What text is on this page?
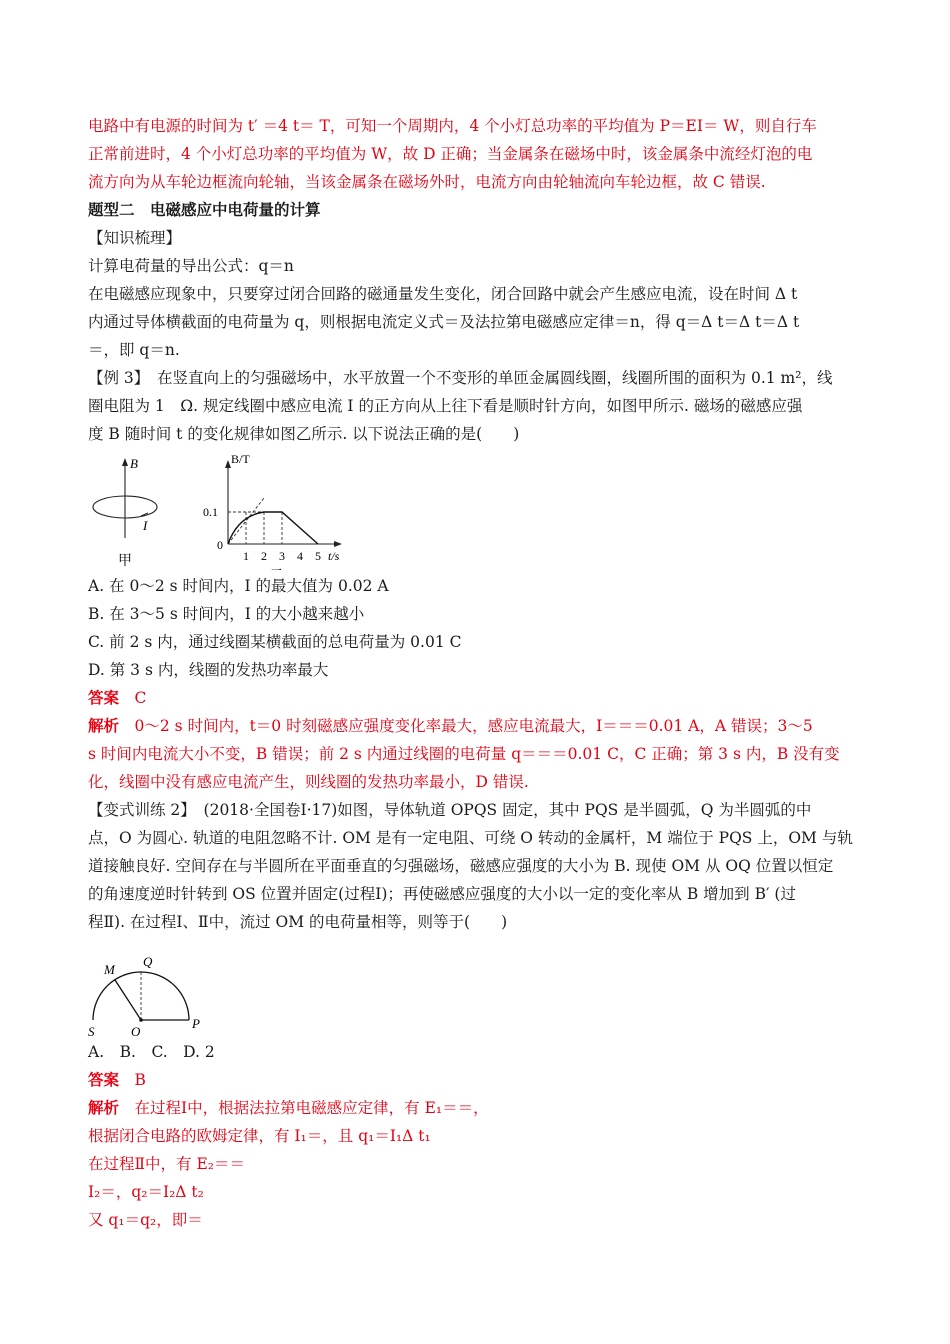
电路中有电源的时间为 t′ ＝4 t＝ T，可知一个周期内，4 个小灯总功率的平均值为 P＝EI＝ W，则自行车

正常前进时，4 个小灯总功率的平均值为 W，故 D 正确；当金属条在磁场中时，该金属条中流经灯泡的电

流方向为从车轮边框流向轮轴，当该金属条在磁场外时，电流方向由轮轴流向车轮边框，故 C 错误.

题型二　电磁感应中电荷量的计算

【知识梳理】

计算电荷量的导出公式：q＝n

在电磁感应现象中，只要穿过闭合回路的磁通量发生变化，闭合回路中就会产生感应电流，设在时间 Δ t

内通过导体横截面的电荷量为 q，则根据电流定义式＝及法拉第电磁感应定律＝n，得 q＝Δ t＝Δ t＝Δ t

＝，即 q＝n.

【例 3】　在竖直向上的匀强磁场中，水平放置一个不变形的单匝金属圆线圈，线圈所围的面积为 0.1 m²，线

圈电阻为 1　Ω. 规定线圈中感应电流 I 的正方向从上往下看是顺时针方向，如图甲所示. 磁场的磁感应强

度 B 随时间 t 的变化规律如图乙所示. 以下说法正确的是(　　)

B
I
甲
B/T
0.1
0
1 2 3 4 5 t/s

A. 在 0～2 s 时间内，I 的最大值为 0.02 A

B. 在 3～5 s 时间内，I 的大小越来越小

C. 前 2 s 内，通过线圈某横截面的总电荷量为 0.01 C

D. 第 3 s 内，线圈的发热功率最大

答案　 C

解析　 0～2 s 时间内，t＝0 时刻磁感应强度变化率最大，感应电流最大，I＝＝＝0.01 A，A 错误；3～5

s 时间内电流大小不变，B 错误；前 2 s 内通过线圈的电荷量 q＝＝＝0.01 C，C 正确；第 3 s 内，B 没有变

化，线圈中没有感应电流产生，则线圈的发热功率最小，D 错误.

【变式训练 2】　(2018·全国卷Ⅰ·17)如图，导体轨道 OPQS 固定，其中 PQS 是半圆弧，Q 为半圆弧的中

点，O 为圆心. 轨道的电阻忽略不计. OM 是有一定电阻、可绕 O 转动的金属杆，M 端位于 PQS 上，OM 与轨

道接触良好. 空间存在与半圆所在平面垂直的匀强磁场，磁感应强度的大小为 B. 现使 OM 从 OQ 位置以恒定

的角速度逆时针转到 OS 位置并固定(过程Ⅰ)；再使磁感应强度的大小以一定的变化率从 B 增加到 B′ (过

程Ⅱ). 在过程Ⅰ、Ⅱ中，流过 OM 的电荷量相等，则等于(　　)

M
Q
S	O
P

A.　B.　C.　D. 2

答案　 B

解析　 在过程Ⅰ中，根据法拉第电磁感应定律，有 E₁＝＝，

根据闭合电路的欧姆定律，有 I₁＝，且 q₁＝I₁Δ t₁

在过程Ⅱ中，有 E₂＝＝

I₂＝，q₂＝I₂Δ t₂

又 q₁＝q₂，即＝
